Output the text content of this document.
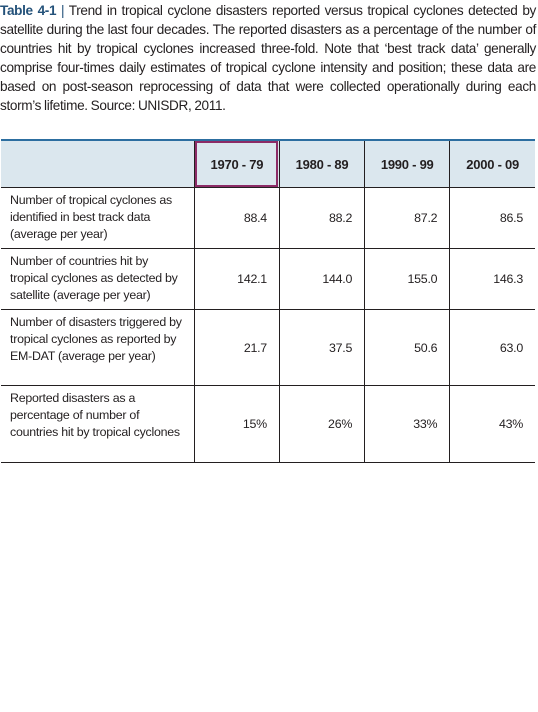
Table 4-1 | Trend in tropical cyclone disasters reported versus tropical cyclones detected by satellite during the last four decades. The reported disasters as a percentage of the number of countries hit by tropical cyclones increased three-fold. Note that ‘best track data’ generally comprise four-times daily estimates of tropical cyclone intensity and position; these data are based on post-season reprocessing of data that were collected operationally during each storm’s lifetime. Source: UNISDR, 2011.
	1970 - 79	1980 - 89	1990 - 99	2000 - 09
Number of tropical cyclones as identified in best track data (average per year)	88.4	88.2	87.2	86.5
Number of countries hit by tropical cyclones as detected by satellite (average per year)	142.1	144.0	155.0	146.3
Number of disasters triggered by tropical cyclones as reported by EM-DAT (average per year)	21.7	37.5	50.6	63.0
Reported disasters as a percentage of number of countries hit by tropical cyclones	15%	26%	33%	43%
